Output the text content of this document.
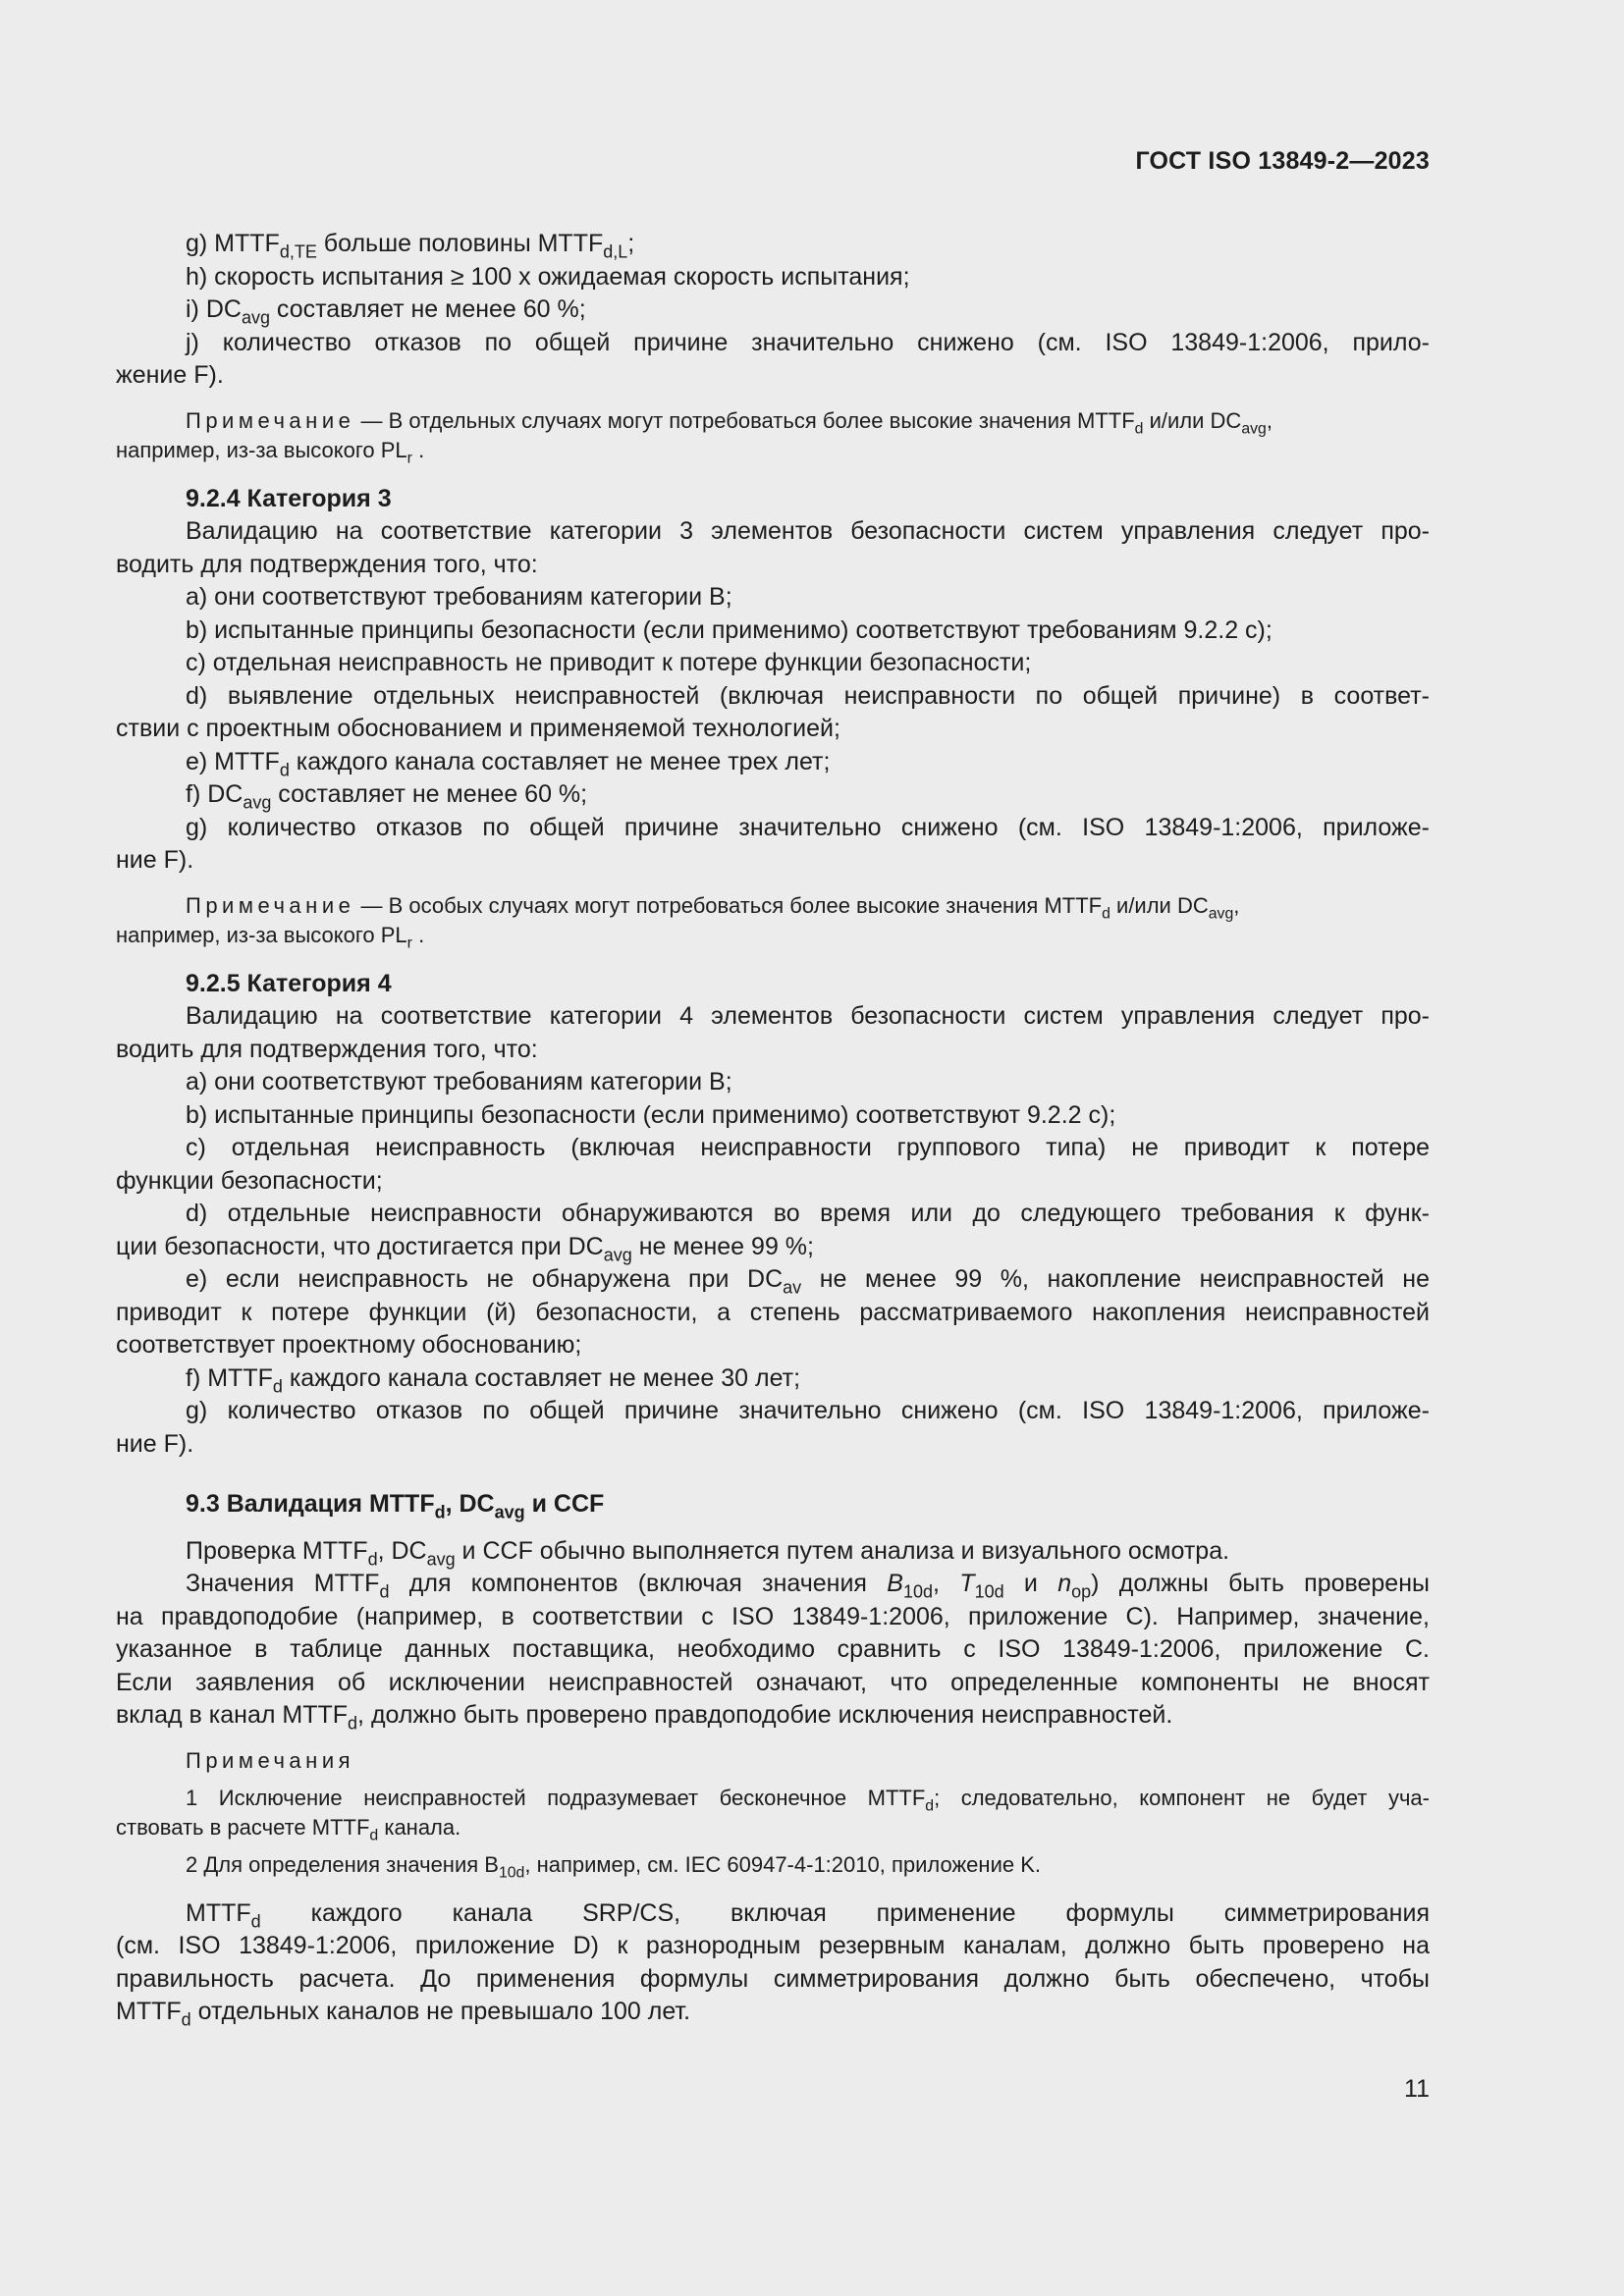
ГОСТ ISO 13849-2—2023

g) $MTTF_{d,TE}$ больше половины $MTTF_{d,L}$;

h) скорость испытания ≥ 100 х ожидаемая скорость испытания;

i) $DC_{avg}$ составляет не менее 60 %;

j) количество отказов по общей причине значительно снижено (см. ISO 13849-1:2006, прило-

жение F).

Примечание — В отдельных случаях могут потребоваться более высокие значения $MTTF_d$ и/или $DC_{avg}$,

например, из-за высокого $PL_r$ .

9.2.4 Категория 3

Валидацию на соответствие категории 3 элементов безопасности систем управления следует про-

водить для подтверждения того, что:

a) они соответствуют требованиям категории В;

b) испытанные принципы безопасности (если применимо) соответствуют требованиям 9.2.2 с);

c) отдельная неисправность не приводит к потере функции безопасности;

d) выявление отдельных неисправностей (включая неисправности по общей причине) в соответ-

ствии с проектным обоснованием и применяемой технологией;

e) $MTTF_d$ каждого канала составляет не менее трех лет;

f) $DC_{avg}$ составляет не менее 60 %;

g) количество отказов по общей причине значительно снижено (см. ISO 13849-1:2006, приложе-

ние F).

Примечание — В особых случаях могут потребоваться более высокие значения $MTTF_d$ и/или $DC_{avg}$,

например, из-за высокого $PL_r$ .

9.2.5 Категория 4

Валидацию на соответствие категории 4 элементов безопасности систем управления следует про-

водить для подтверждения того, что:

a) они соответствуют требованиям категории В;

b) испытанные принципы безопасности (если применимо) соответствуют 9.2.2 с);

c) отдельная неисправность (включая неисправности группового типа) не приводит к потере

функции безопасности;

d) отдельные неисправности обнаруживаются во время или до следующего требования к функ-

ции безопасности, что достигается при $DC_{avg}$ не менее 99 %;

e) если неисправность не обнаружена при $DC_{av}$ не менее 99 %, накопление неисправностей не

приводит к потере функции (й) безопасности, а степень рассматриваемого накопления неисправностей

соответствует проектному обоснованию;

f) $MTTF_d$ каждого канала составляет не менее 30 лет;

g) количество отказов по общей причине значительно снижено (см. ISO 13849-1:2006, приложе-

ние F).

9.3 Валидация $MTTF_d$, $DC_{avg}$ и CCF

Проверка $MTTF_d$, $DC_{avg}$ и CCF обычно выполняется путем анализа и визуального осмотра.

Значения $MTTF_d$ для компонентов (включая значения $B_{10d}$, $T_{10d}$ и $n_{op}$) должны быть проверены

на правдоподобие (например, в соответствии с ISO 13849-1:2006, приложение С). Например, значение,

указанное в таблице данных поставщика, необходимо сравнить с ISO 13849-1:2006, приложение С.

Если заявления об исключении неисправностей означают, что определенные компоненты не вносят

вклад в канал $MTTF_d$, должно быть проверено правдоподобие исключения неисправностей.

Примечания

1 Исключение неисправностей подразумевает бесконечное $MTTF_d$; следовательно, компонент не будет уча-

ствовать в расчете $MTTF_d$ канала.

2 Для определения значения $B_{10d}$, например, см. IEC 60947-4-1:2010, приложение K.

$MTTF_d$ каждого канала SRP/CS, включая применение формулы симметрирования

(см. ISO 13849-1:2006, приложение D) к разнородным резервным каналам, должно быть проверено на

правильность расчета. До применения формулы симметрирования должно быть обеспечено, чтобы

$MTTF_d$ отдельных каналов не превышало 100 лет.

11
